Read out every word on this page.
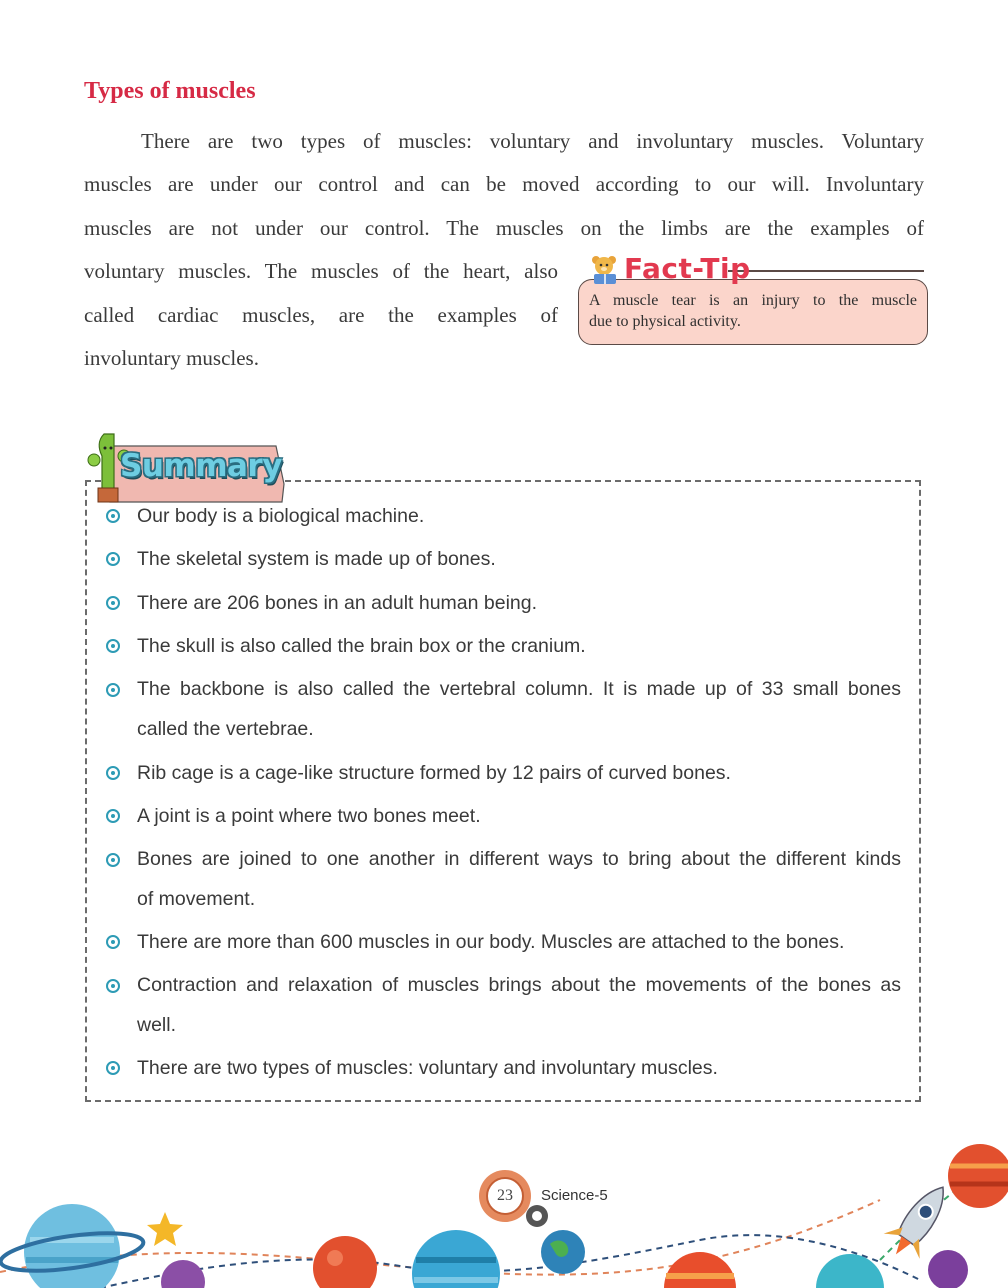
Types of muscles
There are two types of muscles: voluntary and involuntary muscles. Voluntary
muscles are under our control and can be moved according to our will. Involuntary
muscles are not under our control. The muscles on the limbs are the examples of
voluntary muscles. The muscles of the heart, also
called cardiac muscles, are the examples of
involuntary muscles.
A muscle tear is an injury to the muscle
due to physical activity.
Fact-Tip
Summary
Our body is a biological machine.
The skeletal system is made up of bones.
There are 206 bones in an adult human being.
The skull is also called the brain box or the cranium.
The backbone is also called the vertebral column. It is made up of 33 small bones
called the vertebrae.
Rib cage is a cage-like structure formed by 12 pairs of curved bones.
A joint is a point where two bones meet.
Bones are joined to one another in different ways to bring about the different kinds
of movement.
There are more than 600 muscles in our body. Muscles are attached to the bones.
Contraction and relaxation of muscles brings about the movements of the bones as
well.
There are two types of muscles: voluntary and involuntary muscles.
23	Science-5
